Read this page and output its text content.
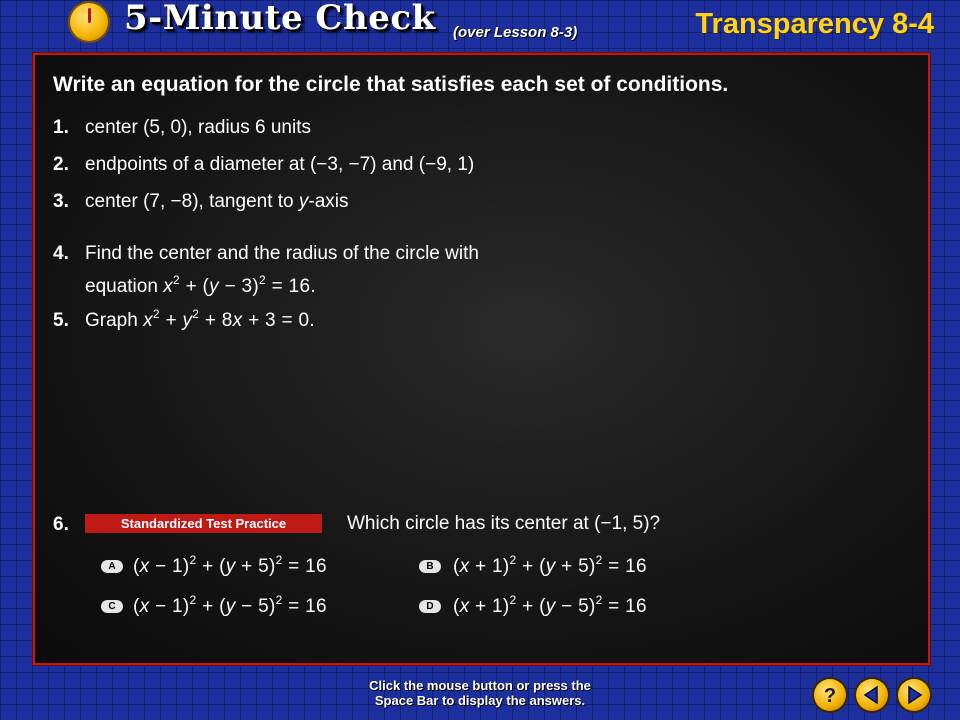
5-Minute Check (over Lesson 8-3)	Transparency 8-4
Write an equation for the circle that satisfies each set of conditions.
1. center (5, 0), radius 6 units
2. endpoints of a diameter at (−3, −7) and (−9, 1)
3. center (7, −8), tangent to y-axis
4. Find the center and the radius of the circle with
equation $x^2 + (y - 3)^2 = 16$.
5. Graph $x^2 + y^2 + 8x + 3 = 0$.
6.	Standardized Test Practice	Which circle has its center at (−1, 5)?
A $(x - 1)^2 + (y + 5)^2 = 16$	B	$(x + 1)^2 + (y + 5)^2 = 16$
C $(x - 1)^2 + (y - 5)^2 = 16$	D	$(x + 1)^2 + (y - 5)^2 = 16$
Click the mouse button or press the
Space Bar to display the answers.	?
